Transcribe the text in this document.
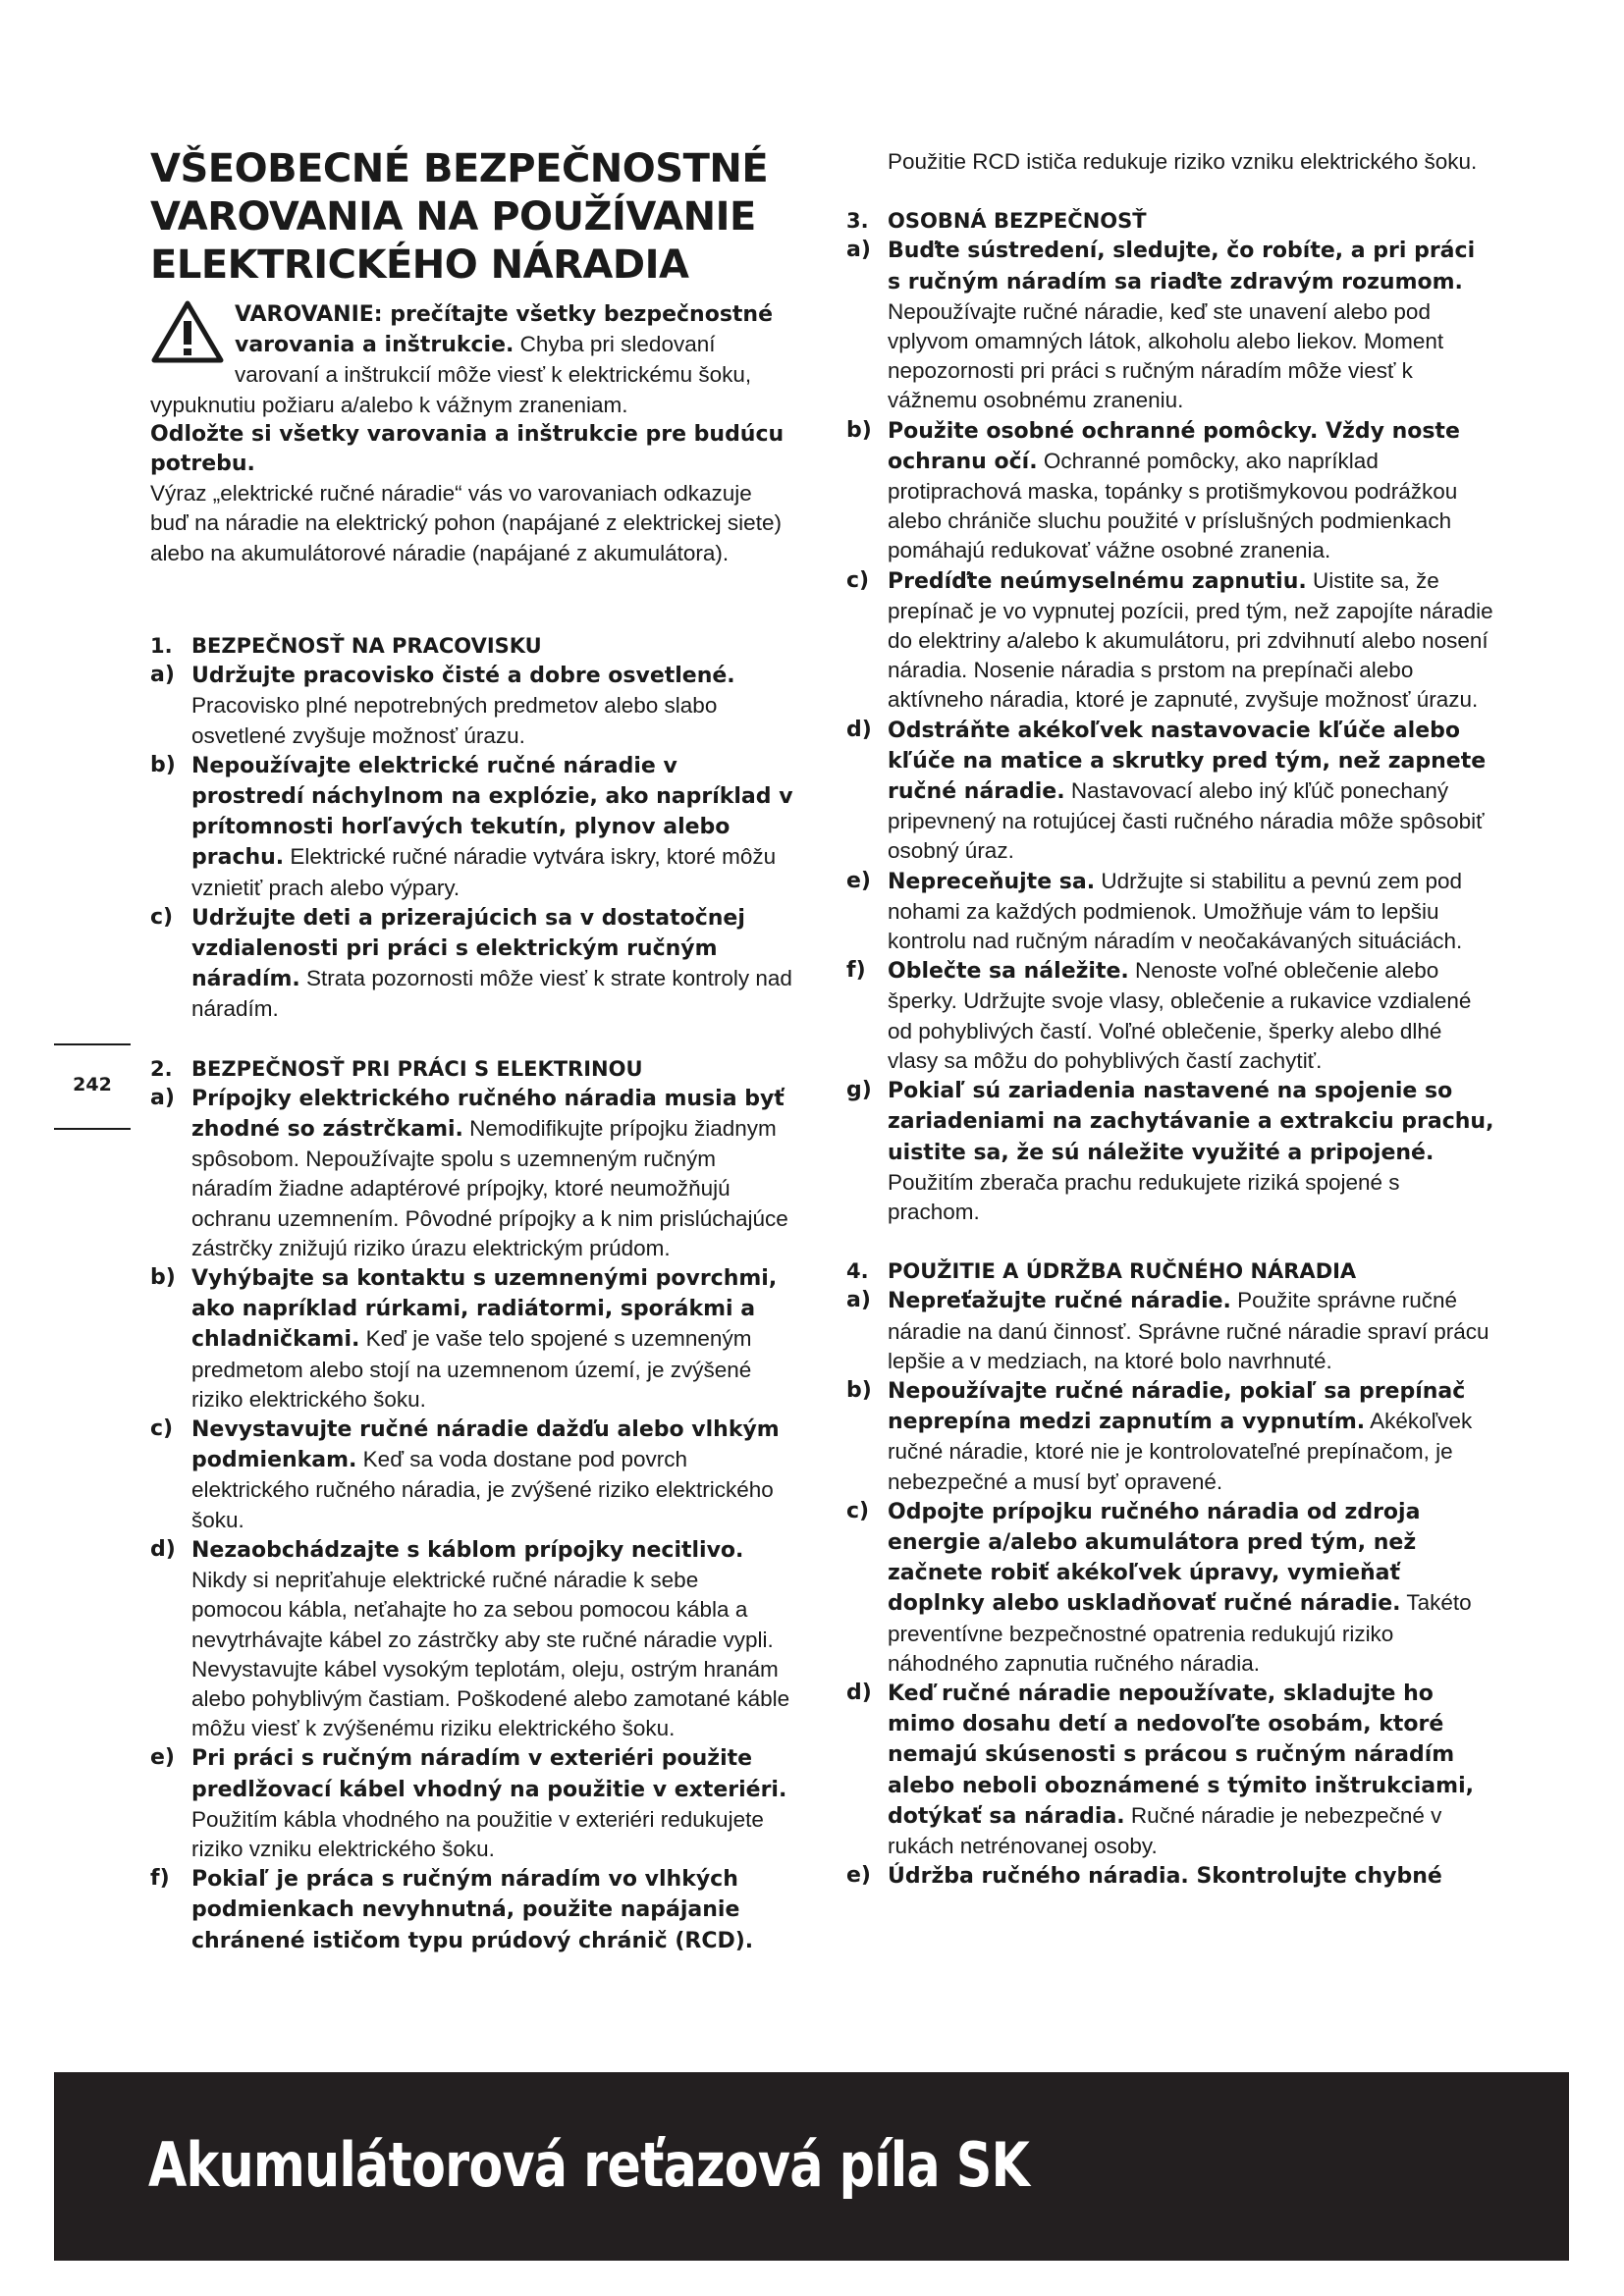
VŠEOBECNÉ BEZPEČNOSTNÉ VAROVANIA NA POUŽÍVANIE ELEKTRICKÉHO NÁRADIA

VAROVANIE: prečítajte všetky bezpečnostné varovania a inštrukcie. Chyba pri sledovaní varovaní a inštrukcií môže viesť k elektrickému šoku, vypuknutiu požiaru a/alebo k vážnym zraneniam.

Odložte si všetky varovania a inštrukcie pre budúcu potrebu.

Výraz „elektrické ručné náradie“ vás vo varovaniach odkazuje buď na náradie na elektrický pohon (napájané z elektrickej siete) alebo na akumulátorové náradie (napájané z akumulátora).

1. BEZPEČNOSŤ NA PRACOVISKU
a) Udržujte pracovisko čisté a dobre osvetlené. Pracovisko plné nepotrebných predmetov alebo slabo osvetlené zvyšuje možnosť úrazu.
b) Nepoužívajte elektrické ručné náradie v prostredí náchylnom na explózie, ako napríklad v prítomnosti horľavých tekutín, plynov alebo prachu. Elektrické ručné náradie vytvára iskry, ktoré môžu vznietiť prach alebo výpary.
c) Udržujte deti a prizerajúcich sa v dostatočnej vzdialenosti pri práci s elektrickým ručným náradím. Strata pozornosti môže viesť k strate kontroly nad náradím.
2. BEZPEČNOSŤ PRI PRÁCI S ELEKTRINOU
a) Prípojky elektrického ručného náradia musia byť zhodné so zástrčkami. Nemodifikujte prípojku žiadnym spôsobom. Nepoužívajte spolu s uzemneným ručným náradím žiadne adaptérové prípojky, ktoré neumožňujú ochranu uzemnením. Pôvodné prípojky a k nim prislúchajúce zástrčky znižujú riziko úrazu elektrickým prúdom.
b) Vyhýbajte sa kontaktu s uzemnenými povrchmi, ako napríklad rúrkami, radiátormi, sporákmi a chladničkami. Keď je vaše telo spojené s uzemneným predmetom alebo stojí na uzemnenom území, je zvýšené riziko elektrického šoku.
c) Nevystavujte ručné náradie dažďu alebo vlhkým podmienkam. Keď sa voda dostane pod povrch elektrického ručného náradia, je zvýšené riziko elektrického šoku.
d) Nezaobchádzajte s káblom prípojky necitlivo. Nikdy si nepriťahuje elektrické ručné náradie k sebe pomocou kábla, neťahajte ho za sebou pomocou kábla a nevytrhávajte kábel zo zástrčky aby ste ručné náradie vypli. Nevystavujte kábel vysokým teplotám, oleju, ostrým hranám alebo pohyblivým častiam. Poškodené alebo zamotané káble môžu viesť k zvýšenému riziku elektrického šoku.
e) Pri práci s ručným náradím v exteriéri použite predlžovací kábel vhodný na použitie v exteriéri. Použitím kábla vhodného na použitie v exteriéri redukujete riziko vzniku elektrického šoku.
f)	Pokiaľ je práca s ručným náradím vo vlhkých podmienkach nevyhnutná, použite napájanie chránené ističom typu prúdový chránič (RCD).

Použitie RCD ističa redukuje riziko vzniku elektrického šoku.

3. OSOBNÁ BEZPEČNOSŤ
a) Buďte sústredení, sledujte, čo robíte, a pri práci s ručným náradím sa riaďte zdravým rozumom. Nepoužívajte ručné náradie, keď ste unavení alebo pod vplyvom omamných látok, alkoholu alebo liekov. Moment nepozornosti pri práci s ručným náradím môže viesť k vážnemu osobnému zraneniu.
b) Použite osobné ochranné pomôcky. Vždy noste ochranu očí. Ochranné pomôcky, ako napríklad protiprachová maska, topánky s protišmykovou podrážkou alebo chrániče sluchu použité v príslušných podmienkach pomáhajú redukovať vážne osobné zranenia.
c) Predíďte neúmyselnému zapnutiu. Uistite sa, že prepínač je vo vypnutej pozícii, pred tým, než zapojíte náradie do elektriny a/alebo k akumulátoru, pri zdvihnutí alebo nosení náradia. Nosenie náradia s prstom na prepínači alebo aktívneho náradia, ktoré je zapnuté, zvyšuje možnosť úrazu.
d) Odstráňte akékoľvek nastavovacie kľúče alebo kľúče na matice a skrutky pred tým, než zapnete ručné náradie. Nastavovací alebo iný kľúč ponechaný pripevnený na rotujúcej časti ručného náradia môže spôsobiť osobný úraz.
e) Nepreceňujte sa. Udržujte si stabilitu a pevnú zem pod nohami za každých podmienok. Umožňuje vám to lepšiu kontrolu nad ručným náradím v neočakávaných situáciách.
f)	Oblečte sa náležite. Nenoste voľné oblečenie alebo šperky. Udržujte svoje vlasy, oblečenie a rukavice vzdialené od pohyblivých častí. Voľné oblečenie, šperky alebo dlhé vlasy sa môžu do pohyblivých častí zachytiť.
g) Pokiaľ sú zariadenia nastavené na spojenie so zariadeniami na zachytávanie a extrakciu prachu, uistite sa, že sú náležite využité a pripojené. Použitím zberača prachu redukujete riziká spojené s prachom.
4. POUŽITIE A ÚDRŽBA RUČNÉHO NÁRADIA
a) Nepreťažujte ručné náradie. Použite správne ručné náradie na danú činnosť. Správne ručné náradie spraví prácu lepšie a v medziach, na ktoré bolo navrhnuté.
b) Nepoužívajte ručné náradie, pokiaľ sa prepínač neprepína medzi zapnutím a vypnutím. Akékoľvek ručné náradie, ktoré nie je kontrolovateľné prepínačom, je nebezpečné a musí byť opravené.
c) Odpojte prípojku ručného náradia od zdroja energie a/alebo akumulátora pred tým, než začnete robiť akékoľvek úpravy, vymieňať doplnky alebo uskladňovať ručné náradie. Takéto preventívne bezpečnostné opatrenia redukujú riziko náhodného zapnutia ručného náradia.
d) Keď ručné náradie nepoužívate, skladujte ho mimo dosahu detí a nedovoľte osobám, ktoré nemajú skúsenosti s prácou s ručným náradím alebo neboli oboznámené s týmito inštrukciami, dotýkať sa náradia. Ručné náradie je nebezpečné v rukách netrénovanej osoby.
e) Údržba ručného náradia. Skontrolujte chybné
242
Akumulátorová reťazová píla SK
